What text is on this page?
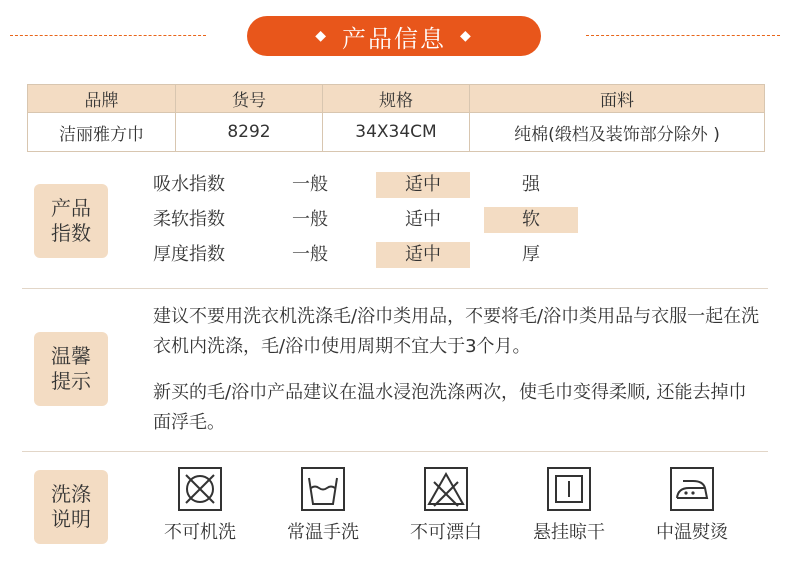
◆ 产品信息 ◆
品牌	货号	规格	面料
洁丽雅方巾	8292	34X34CM	纯棉(缎档及装饰部分除外 )
产品
指数
吸水指数	一般	适中	强
柔软指数	一般	适中	软
厚度指数	一般	适中	厚
温馨
提示
建议不要用洗衣机洗涤毛/浴巾类用品，不要将毛/浴巾类用品与衣服一起在洗衣机内洗涤，毛/浴巾使用周期不宜大于3个月。
新买的毛/浴巾产品建议在温水浸泡洗涤两次，使毛巾变得柔顺, 还能去掉巾面浮毛。
洗涤
说明
不可机洗	常温手洗	不可漂白	悬挂晾干	中温熨烫
